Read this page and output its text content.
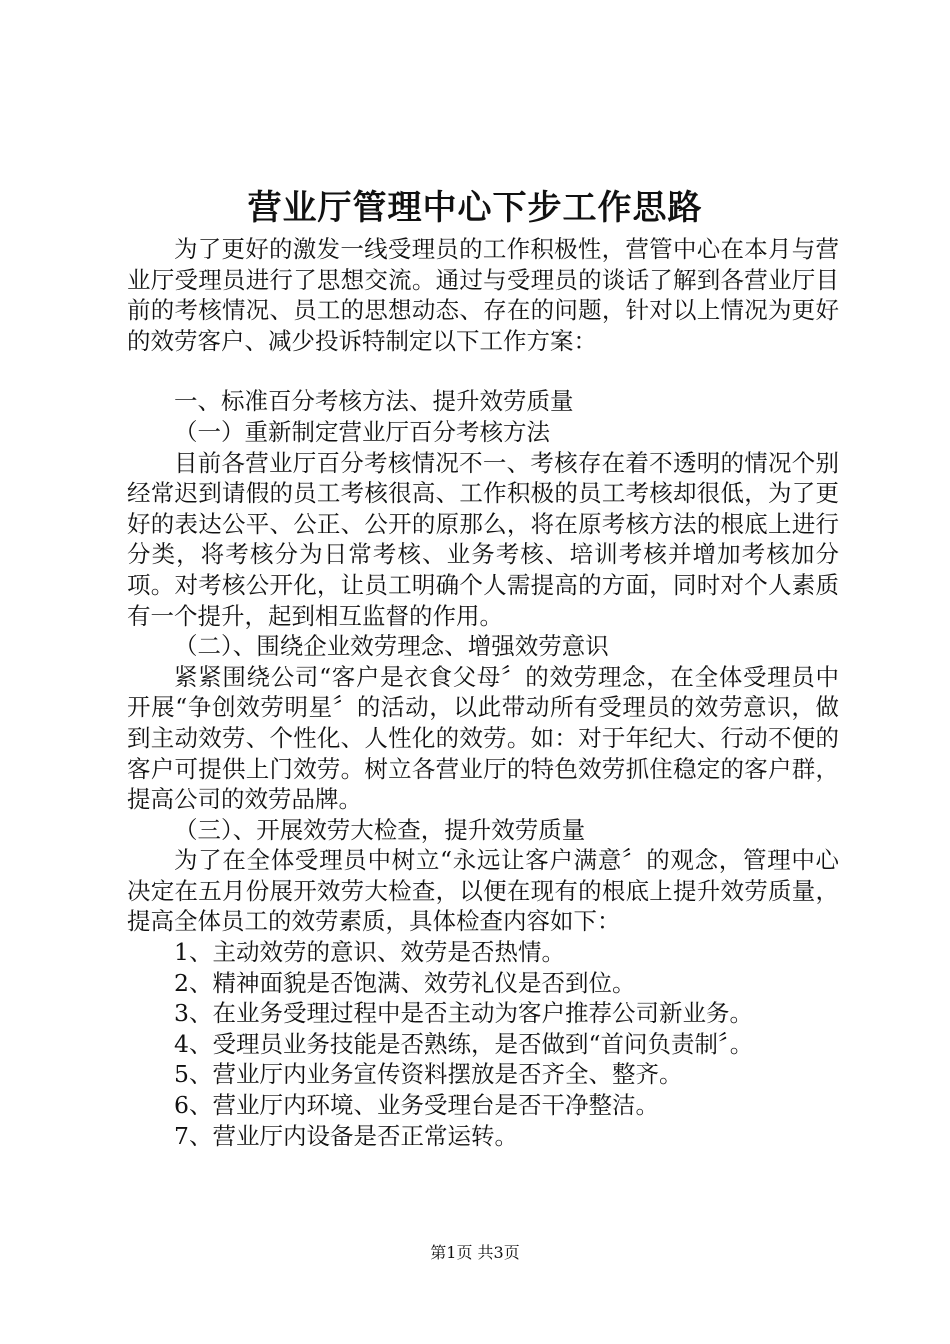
营业厅管理中心下步工作思路

为了更好的激发一线受理员的工作积极性，营管中心在本月与营业厅受理员进行了思想交流。通过与受理员的谈话了解到各营业厅目前的考核情况、员工的思想动态、存在的问题，针对以上情况为更好的效劳客户、减少投诉特制定以下工作方案：

一、标准百分考核方法、提升效劳质量

（一）重新制定营业厅百分考核方法

目前各营业厅百分考核情况不一、考核存在着不透明的情况个别经常迟到请假的员工考核很高、工作积极的员工考核却很低，为了更好的表达公平、公正、公开的原那么，将在原考核方法的根底上进行分类，将考核分为日常考核、业务考核、培训考核并增加考核加分项。对考核公开化，让员工明确个人需提高的方面，同时对个人素质有一个提升，起到相互监督的作用。

（二）、围绕企业效劳理念、增强效劳意识

紧紧围绕公司“客户是衣食父母〞的效劳理念，在全体受理员中开展“争创效劳明星〞的活动，以此带动所有受理员的效劳意识，做到主动效劳、个性化、人性化的效劳。如：对于年纪大、行动不便的客户可提供上门效劳。树立各营业厅的特色效劳抓住稳定的客户群，提高公司的效劳品牌。

（三）、开展效劳大检查，提升效劳质量

为了在全体受理员中树立“永远让客户满意〞的观念，管理中心决定在五月份展开效劳大检查，以便在现有的根底上提升效劳质量，提高全体员工的效劳素质，具体检查内容如下：

1、主动效劳的意识、效劳是否热情。

2、精神面貌是否饱满、效劳礼仪是否到位。

3、在业务受理过程中是否主动为客户推荐公司新业务。

4、受理员业务技能是否熟练，是否做到“首问负责制〞。

5、营业厅内业务宣传资料摆放是否齐全、整齐。

6、营业厅内环境、业务受理台是否干净整洁。

7、营业厅内设备是否正常运转。

第1页 共3页
